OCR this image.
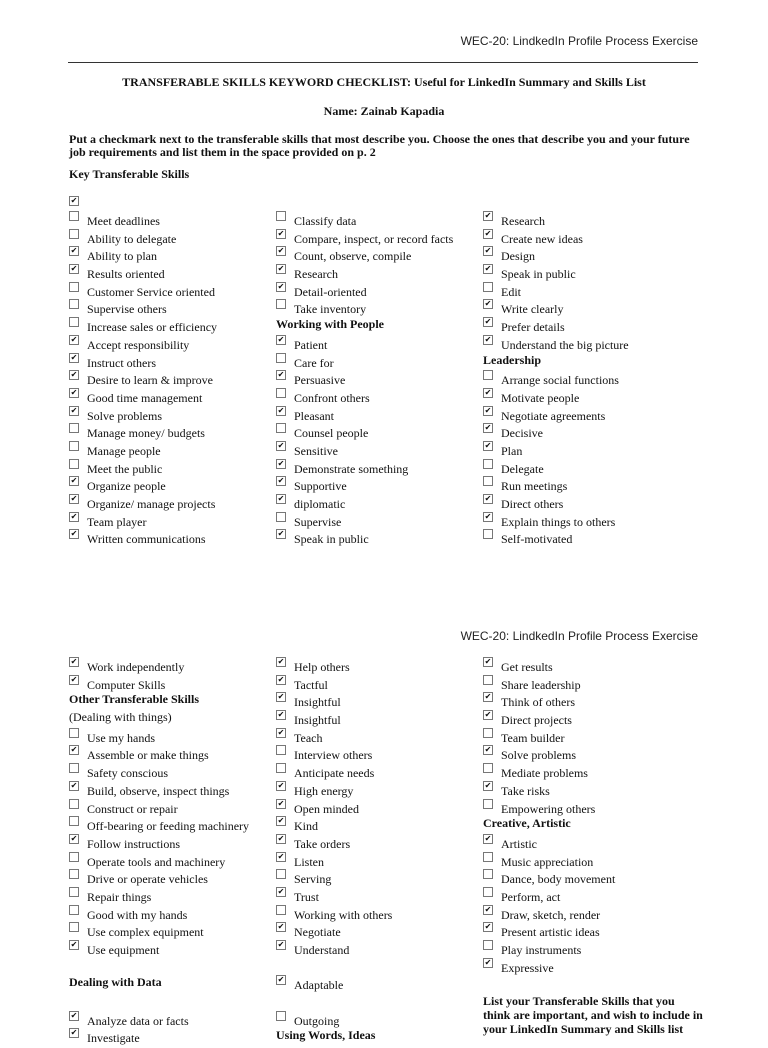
WEC-20: LindkedIn Profile Process Exercise
TRANSFERABLE SKILLS KEYWORD CHECKLIST: Useful for LinkedIn Summary and Skills List
Name: Zainab Kapadia
Put a checkmark next to the transferable skills that most describe you. Choose the ones that describe you and your future job requirements and list them in the space provided on p. 2
Key Transferable Skills
✔
Meet deadlines
Ability to delegate
✔ Ability to plan
✔ Results oriented
Customer Service oriented
Supervise others
Increase sales or efficiency
✔ Accept responsibility
✔ Instruct others
✔ Desire to learn & improve
✔ Good time management
✔ Solve problems
Manage money/ budgets
Manage people
Meet the public
✔ Organize people
✔ Organize/ manage projects
✔ Team player
✔ Written communications
Classify data
✔ Compare, inspect, or record facts
✔ Count, observe, compile
✔ Research
✔ Detail-oriented
Take inventory
Working with People
✔ Patient
Care for
✔ Persuasive
Confront others
✔ Pleasant
Counsel people
✔ Sensitive
✔ Demonstrate something
✔ Supportive
✔ diplomatic
Supervise
✔ Speak in public
✔ Research
✔ Create new ideas
✔ Design
✔ Speak in public
Edit
✔ Write clearly
✔ Prefer details
✔ Understand the big picture
Leadership
Arrange social functions
✔ Motivate people
✔ Negotiate agreements
✔ Decisive
✔ Plan
Delegate
Run meetings
✔ Direct others
✔ Explain things to others
Self-motivated
WEC-20: LindkedIn Profile Process Exercise
✔ Work independently
✔ Computer Skills
Other Transferable Skills
(Dealing with things)
Use my hands
✔ Assemble or make things
Safety conscious
✔ Build, observe, inspect things
Construct or repair
Off-bearing or feeding machinery
✔ Follow instructions
Operate tools and machinery
Drive or operate vehicles
Repair things
Good with my hands
Use complex equipment
✔ Use equipment
Dealing with Data
✔ Analyze data or facts
✔ Investigate
✔ Help others
✔ Tactful
✔ Insightful
✔ Insightful
✔ Teach
Interview others
Anticipate needs
✔ High energy
✔ Open minded
✔ Kind
✔ Take orders
✔ Listen
Serving
✔ Trust
Working with others
✔ Negotiate
✔ Understand
✔ Adaptable
Outgoing
Using Words, Ideas
✔ Get results
Share leadership
✔ Think of others
✔ Direct projects
Team builder
✔ Solve problems
Mediate problems
✔ Take risks
Empowering others
Creative, Artistic
✔ Artistic
Music appreciation
Dance, body movement
Perform, act
✔ Draw, sketch, render
✔ Present artistic ideas
Play instruments
✔ Expressive
List your Transferable Skills that you think are important, and wish to include in your LinkedIn Summary and Skills list
